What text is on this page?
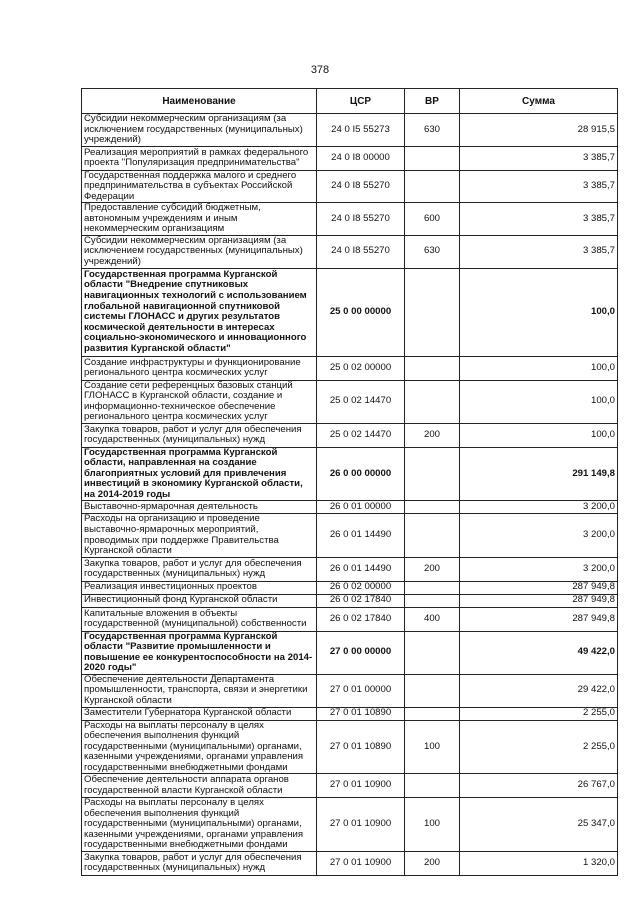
378
Наименование	ЦСР	ВР	Сумма
Субсидии некоммерческим организациям (за исключением государственных (муниципальных) учреждений)	24 0 I5 55273	630	28 915,5
Реализация мероприятий в рамках федерального проекта "Популяризация предпринимательства"	24 0 I8 00000		3 385,7
Государственная поддержка малого и среднего предпринимательства в субъектах Российской Федерации	24 0 I8 55270		3 385,7
Предоставление субсидий бюджетным, автономным учреждениям и иным некоммерческим организациям	24 0 I8 55270	600	3 385,7
Субсидии некоммерческим организациям (за исключением государственных (муниципальных) учреждений)	24 0 I8 55270	630	3 385,7
Государственная программа Курганской области "Внедрение спутниковых навигационных технологий с использованием глобальной навигационной спутниковой системы ГЛОНАСС и других результатов космической деятельности в интересах социально-экономического и инновационного развития Курганской области"	25 0 00 00000		100,0
Создание инфраструктуры и функционирование регионального центра космических услуг	25 0 02 00000		100,0
Создание сети референцных базовых станций ГЛОНАСС в Курганской области, создание и информационно-техническое обеспечение регионального центра космических услуг	25 0 02 14470		100,0
Закупка товаров, работ и услуг для обеспечения государственных (муниципальных) нужд	25 0 02 14470	200	100,0
Государственная программа Курганской области, направленная на создание благоприятных условий для привлечения инвестиций в экономику Курганской области, на 2014-2019 годы	26 0 00 00000		291 149,8
Выставочно-ярмарочная деятельность	26 0 01 00000		3 200,0
Расходы на организацию и проведение выставочно-ярмарочных мероприятий, проводимых при поддержке Правительства Курганской области	26 0 01 14490		3 200,0
Закупка товаров, работ и услуг для обеспечения государственных (муниципальных) нужд	26 0 01 14490	200	3 200,0
Реализация инвестиционных проектов	26 0 02 00000		287 949,8
Инвестиционный фонд Курганской области	26 0 02 17840		287 949,8
Капитальные вложения в объекты государственной (муниципальной) собственности	26 0 02 17840	400	287 949,8
Государственная программа Курганской области "Развитие промышленности и повышение ее конкурентоспособности на 2014-2020 годы"	27 0 00 00000		49 422,0
Обеспечение деятельности Департамента промышленности, транспорта, связи и энергетики Курганской области	27 0 01 00000		29 422,0
Заместители Губернатора Курганской области	27 0 01 10890		2 255,0
Расходы на выплаты персоналу в целях обеспечения выполнения функций государственными (муниципальными) органами, казенными учреждениями, органами управления государственными внебюджетными фондами	27 0 01 10890	100	2 255,0
Обеспечение деятельности аппарата органов государственной власти Курганской области	27 0 01 10900		26 767,0
Расходы на выплаты персоналу в целях обеспечения выполнения функций государственными (муниципальными) органами, казенными учреждениями, органами управления государственными внебюджетными фондами	27 0 01 10900	100	25 347,0
Закупка товаров, работ и услуг для обеспечения государственных (муниципальных) нужд	27 0 01 10900	200	1 320,0
